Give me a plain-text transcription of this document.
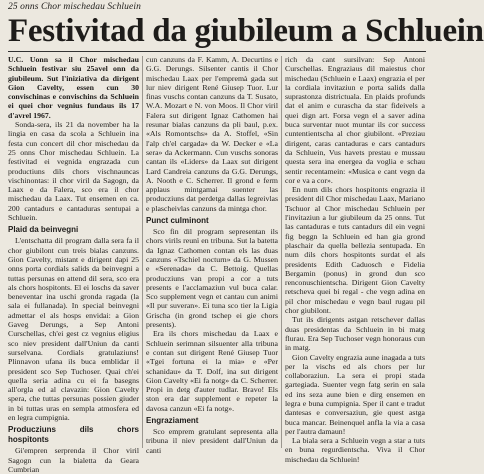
25 onns Chor mischedau Schluein
Festivitad da giubileum a Schluein

U.C. Uonn sa il Chor mischedau Schluein festivar siu 25avel onn da giubileum. Sut l'iniziativa da dirigent Gion Cavelty, essen cun 30 convischinas e convischins da Schluein ei quei chor vegnius fundaus ils 17 d'avrel 1967.

Sonda-sera, ils 21 da november ha la lingia en casa da scola a Schluein ina festa cun concert dil chor mischedau da 25 onns Chor mischedau Schluein. La festivitad ei vegnida engrazada cun productiuns dils chors vischnauncas vischinontas: il chor viril da Sagogn, da Laax e da Falera, sco era il chor mischedau da Laax. Tut ensemen en ca. 200 cantadurs e cantaduras sentupai a Schluein.

Plaid da beinvegni

L'entschatta dil program dalla sera fa il chor giubilont cun treis bialas canzuns. Gion Cavelty, mistant e dirigent dapi 25 onns porta cordials salids da beinvegni a tuttas persunas en attend dil sera, sco era als chors hospitonts. El ei loschs da saver beneventar ina uschi gronda ragada (la sala ei fullanada). In special beinvegni admettar el als hosps envidai: a Gion Gaveg Derungs, a Sep Antoni Curschellas, ch'ei gest cz vegnius eligius sco niev president dall'Uniun da canti surselvana. Cordials gratulaziuns! Plinnavon ufana ils buca emblidar il president sco Sep Tuchoser. Quai ch'ei quella seria adina cu ei fa basegns all'orgla ed al clavazin: Gion Cavelty spera, che tuttas persunas possien giuder in bi tuttas uras en sempla atmosfera ed en legra cumpignia.

Producziuns dils chors hospitonts

Gi'empren serprenda il Chor viril Sagogn cun la bialetta da Geara Cumbrian

cun canzuns da F. Kamm, A. Decurtins e G.G. Derungs. Silsenter cantis il Chor mischedau Laax per l'empremà gada sut lur niev dirigent René Giusep Tuor. Lur finas vuschs contan canzuns da T. Susato, W.A. Mozart e N. von Moos. Il Chor viril Falera sut dirigent Ignaz Cathomen hai resunar bialas canzuns da pli baul, p.ex. «Als Romontschs» da A. Stoffel, «Sin l'alp ch'el cargada» da W. Decker e «La sera» da Ackermann. Cun vuschs sonoras cantan ils «Liders» da Laax sut dirigent Lard Candreia canzuns da G.G. Derungs, A. Nooth e C. Scherrer. Il grond e ferm applaus mintgamai suenter las producziuns dat perdetga dallas legreivlas e plascheivlas canzuns da mintga chor.

Punct culminont

Sco fin dil program sepresentan ils chors virils reunì en tribuna. Sut la batetta da Ignaz Cathomen contan els las duas canzuns «Tschiel nocturn» da G. Mussen e «Serenada» da C. Bettoig. Quellas producziuns van propi a cor a tuts presents e l'acclamaziun vul buca calar. Sco supplement vegn et cantau cun animi «Il pur suveran». Ei tuna sco tier la Ligia Grischa (in grond tschep ei gie chors presents).

Era ils chors mischedau da Laax e Schluein serimnan silsuenter alla tribuna e contan sut dirigent René Giusep Tuor «Tgei fortuna ei la mia» e «Per schanidau» da T. Dolf, ina sut dirigent Gion Cavelty «Ei fa notg» da C. Scherrer. Propi in detg d'auter tudlar. Bravo! Els ston era dar supplement e repeter la davosa canzun «Ei fa notg».

Engraziament

Sco emprem gratulant sepresenta alla tribuna il niev president dall'Uniun da canti

rich da cant sursilvan: Sep Antoni Curschellas. Engraziaus dil maiestus chor mischedau (Schluein e Laax) engrazia el per la cordiala invitaziun e porta salids dalla suprastonza districtuala. En plaids profunds dat el anim e curascha da star fideivels a quei dign art. Forsa vegn el a saver adina buca surventar nuot muntar ils cor success cuntentientscha al chor giubilont. «Preziau dirigent, caras cantaduras e cars cantadurs da Schluein, Vus havets prestau e mussau questa sera ina energea da voglia e schau sentir recentamein: «Musica e cant vegn da cor e va a cor».

En num dils chors hospitonts engrazia il president dil Chor mischedau Laax, Mariano Tschuor al Chor mischedau Schluein per l'invitaziun a lur giubileum da 25 onns. Tut las cantaduras e tuts cantadurs dil ein vegni fig beggn la Schluein ed han gia grond plaschair da quella bellezia sentupada. En num dils chors hospitonts surdat el als presidents Edith Caduosch e Fidelia Bergamin (ponus) in grond dun sco renconuschientscha. Dirigent Gion Cavelty retscheva quei bi regal - che vegn adina en pil chor mischedau e vegn baul rugau pil chor giubilont.

Tut ils dirigents astgan retschever dallas duas presidentas da Schluein in bi matg flurau. Era Sep Tuchoser vegn honoraus cun in matg.

Gion Cavelty engrazia aune inagada a tuts per la vischs ed als chors per lur collaboraziun. La sera ei propi stada gartegiada. Suenter vegn fatg serin en sala ed ins seza aune bien e dirg ensemen en legra e buna cumpignia. Sper il cant e tradut dantesas e conversaziun, gie quest astga buca mancar. Beinenquel anfla la via a casa per l'autra damaun!

La biala sera a Schluein vegn a star a tuts en buna regurdientscha. Viva il Chor mischedau da Schluein!
